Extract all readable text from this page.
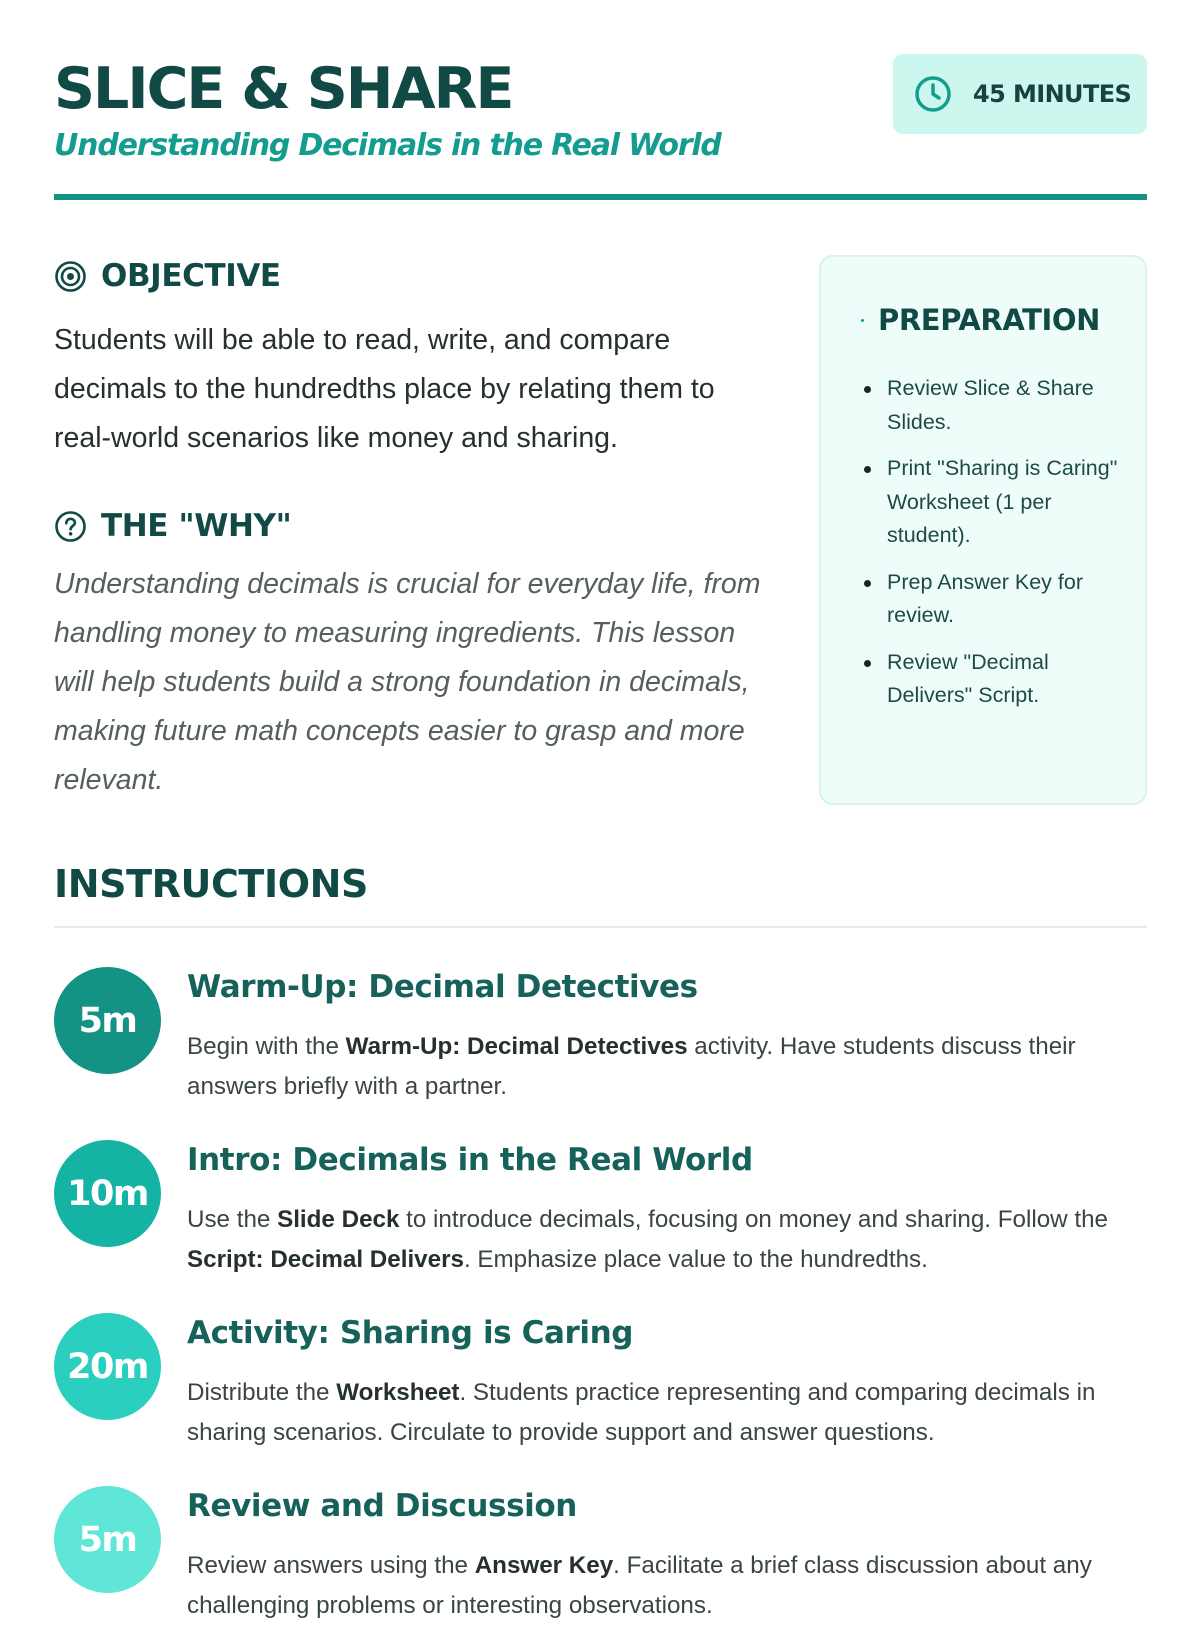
SLICE & SHARE
Understanding Decimals in the Real World
45 MINUTES
OBJECTIVE

Students will be able to read, write, and compare decimals to the hundredths place by relating them to real-world scenarios like money and sharing.

THE "WHY"

Understanding decimals is crucial for everyday life, from handling money to measuring ingredients. This lesson will help students build a strong foundation in decimals, making future math concepts easier to grasp and more relevant.

PREPARATION
Review Slice & Share Slides.
Print "Sharing is Caring" Worksheet (1 per student).
Prep Answer Key for review.
Review "Decimal Delivers" Script.
INSTRUCTIONS
5m
Warm-Up: Decimal Detectives

Begin with the Warm-Up: Decimal Detectives activity. Have students discuss their answers briefly with a partner.

10m
Intro: Decimals in the Real World

Use the Slide Deck to introduce decimals, focusing on money and sharing. Follow the Script: Decimal Delivers. Emphasize place value to the hundredths.

20m
Activity: Sharing is Caring

Distribute the Worksheet. Students practice representing and comparing decimals in sharing scenarios. Circulate to provide support and answer questions.

5m
Review and Discussion

Review answers using the Answer Key. Facilitate a brief class discussion about any challenging problems or interesting observations.
